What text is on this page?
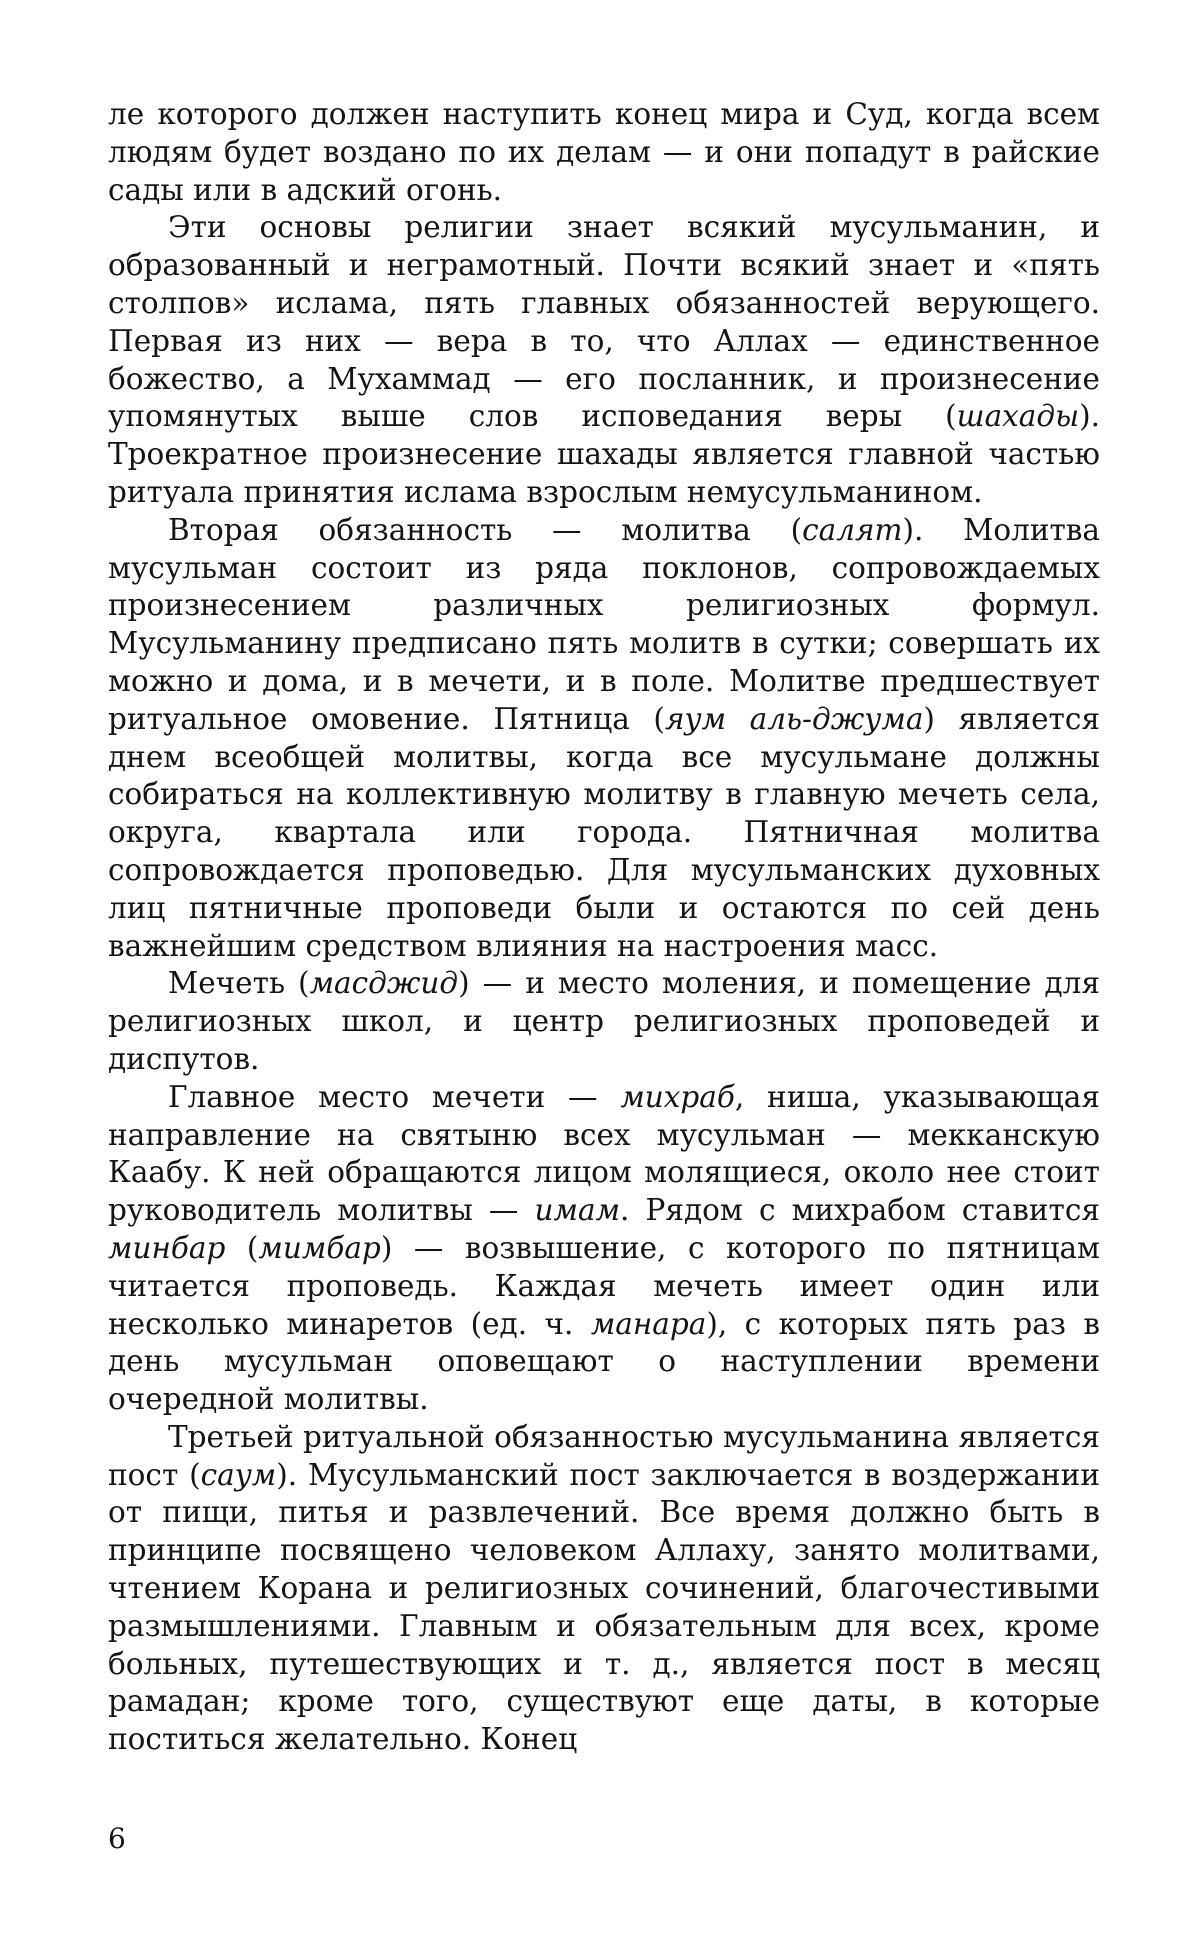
ле которого должен наступить конец мира и Суд, когда всем людям будет воздано по их делам — и они попадут в райские сады или в адский огонь.

Эти основы религии знает всякий мусульманин, и образованный и неграмотный. Почти всякий знает и «пять столпов» ислама, пять главных обязанностей верующего. Первая из них — вера в то, что Аллах — единственное божество, а Мухаммад — его посланник, и произнесение упомянутых выше слов исповедания веры (шахады). Троекратное произнесение шахады является главной частью ритуала принятия ислама взрослым немусульманином.

Вторая обязанность — молитва (салят). Молитва мусульман состоит из ряда поклонов, сопровождаемых произнесением различных религиозных формул. Мусульманину предписано пять молитв в сутки; совершать их можно и дома, и в мечети, и в поле. Молитве предшествует ритуальное омовение. Пятница (яум аль-джума) является днем всеобщей молитвы, когда все мусульмане должны собираться на коллективную молитву в главную мечеть села, округа, квартала или города. Пятничная молитва сопровождается проповедью. Для мусульманских духовных лиц пятничные проповеди были и остаются по сей день важнейшим средством влияния на настроения масс.

Мечеть (масджид) — и место моления, и помещение для религиозных школ, и центр религиозных проповедей и диспутов.

Главное место мечети — михраб, ниша, указывающая направление на святыню всех мусульман — мекканскую Каабу. К ней обращаются лицом молящиеся, около нее стоит руководитель молитвы — имам. Рядом с михрабом ставится минбар (мимбар) — возвышение, с которого по пятницам читается проповедь. Каждая мечеть имеет один или несколько минаретов (ед. ч. манара), с которых пять раз в день мусульман оповещают о наступлении времени очередной молитвы.

Третьей ритуальной обязанностью мусульманина является пост (саум). Мусульманский пост заключается в воздержании от пищи, питья и развлечений. Все время должно быть в принципе посвящено человеком Аллаху, занято молитвами, чтением Корана и религиозных сочинений, благочестивыми размышлениями. Главным и обязательным для всех, кроме больных, путешествующих и т. д., является пост в месяц рамадан; кроме того, существуют еще даты, в которые поститься желательно. Конец

6
